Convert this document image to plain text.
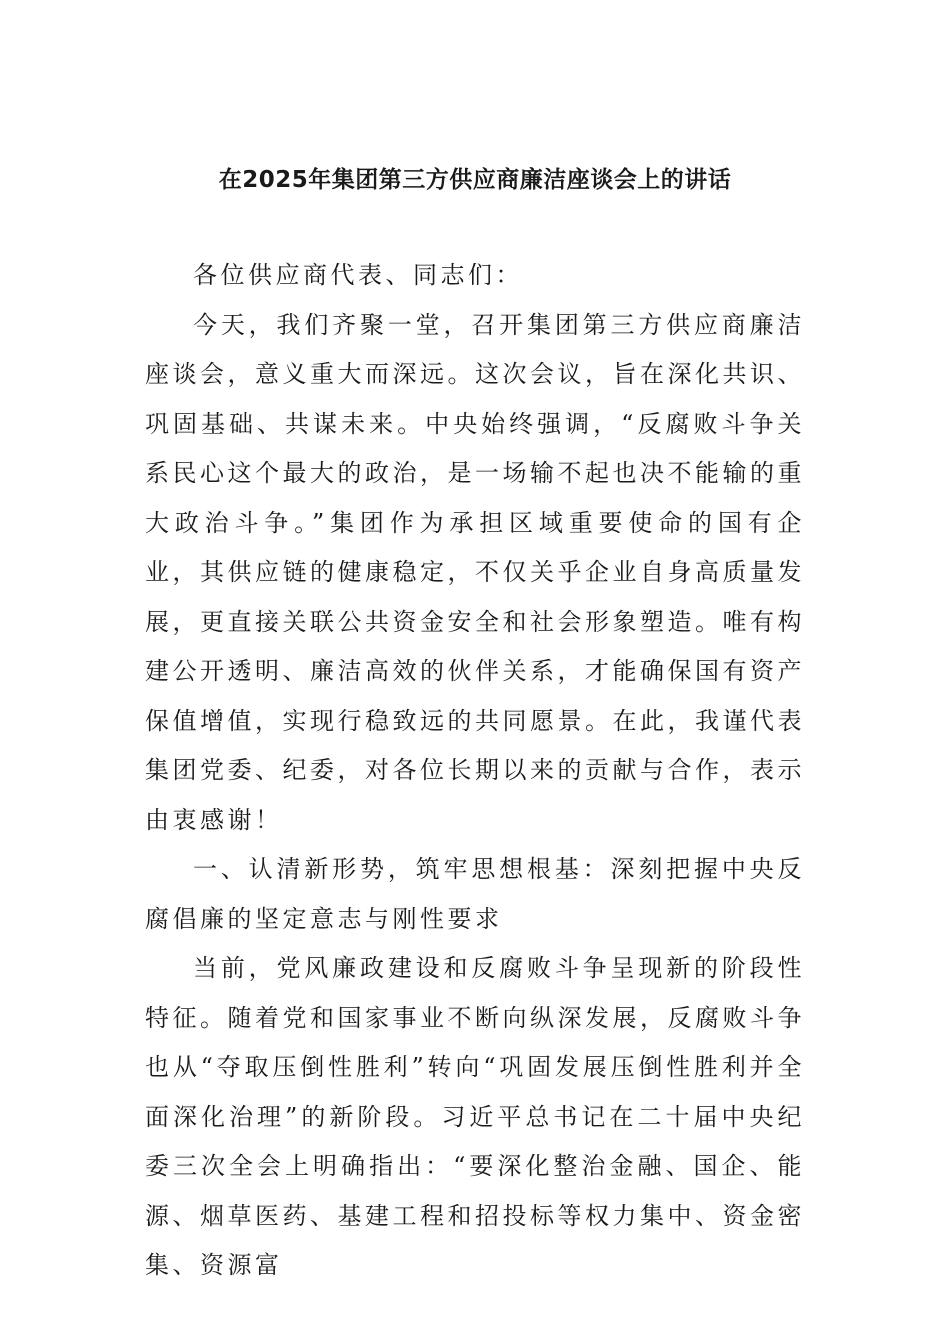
在2025年集团第三方供应商廉洁座谈会上的讲话

各位供应商代表、同志们：

今天，我们齐聚一堂，召开集团第三方供应商廉洁座谈会，意义重大而深远。这次会议，旨在深化共识、巩固基础、共谋未来。中央始终强调，“反腐败斗争关系民心这个最大的政治，是一场输不起也决不能输的重大政治斗争。”集团作为承担区域重要使命的国有企业，其供应链的健康稳定，不仅关乎企业自身高质量发展，更直接关联公共资金安全和社会形象塑造。唯有构建公开透明、廉洁高效的伙伴关系，才能确保国有资产保值增值，实现行稳致远的共同愿景。在此，我谨代表集团党委、纪委，对各位长期以来的贡献与合作，表示由衷感谢！

一、认清新形势，筑牢思想根基：深刻把握中央反腐倡廉的坚定意志与刚性要求

当前，党风廉政建设和反腐败斗争呈现新的阶段性特征。随着党和国家事业不断向纵深发展，反腐败斗争也从“夺取压倒性胜利”转向“巩固发展压倒性胜利并全面深化治理”的新阶段。习近平总书记在二十届中央纪委三次全会上明确指出：“要深化整治金融、国企、能源、烟草医药、基建工程和招投标等权力集中、资金密集、资源富
